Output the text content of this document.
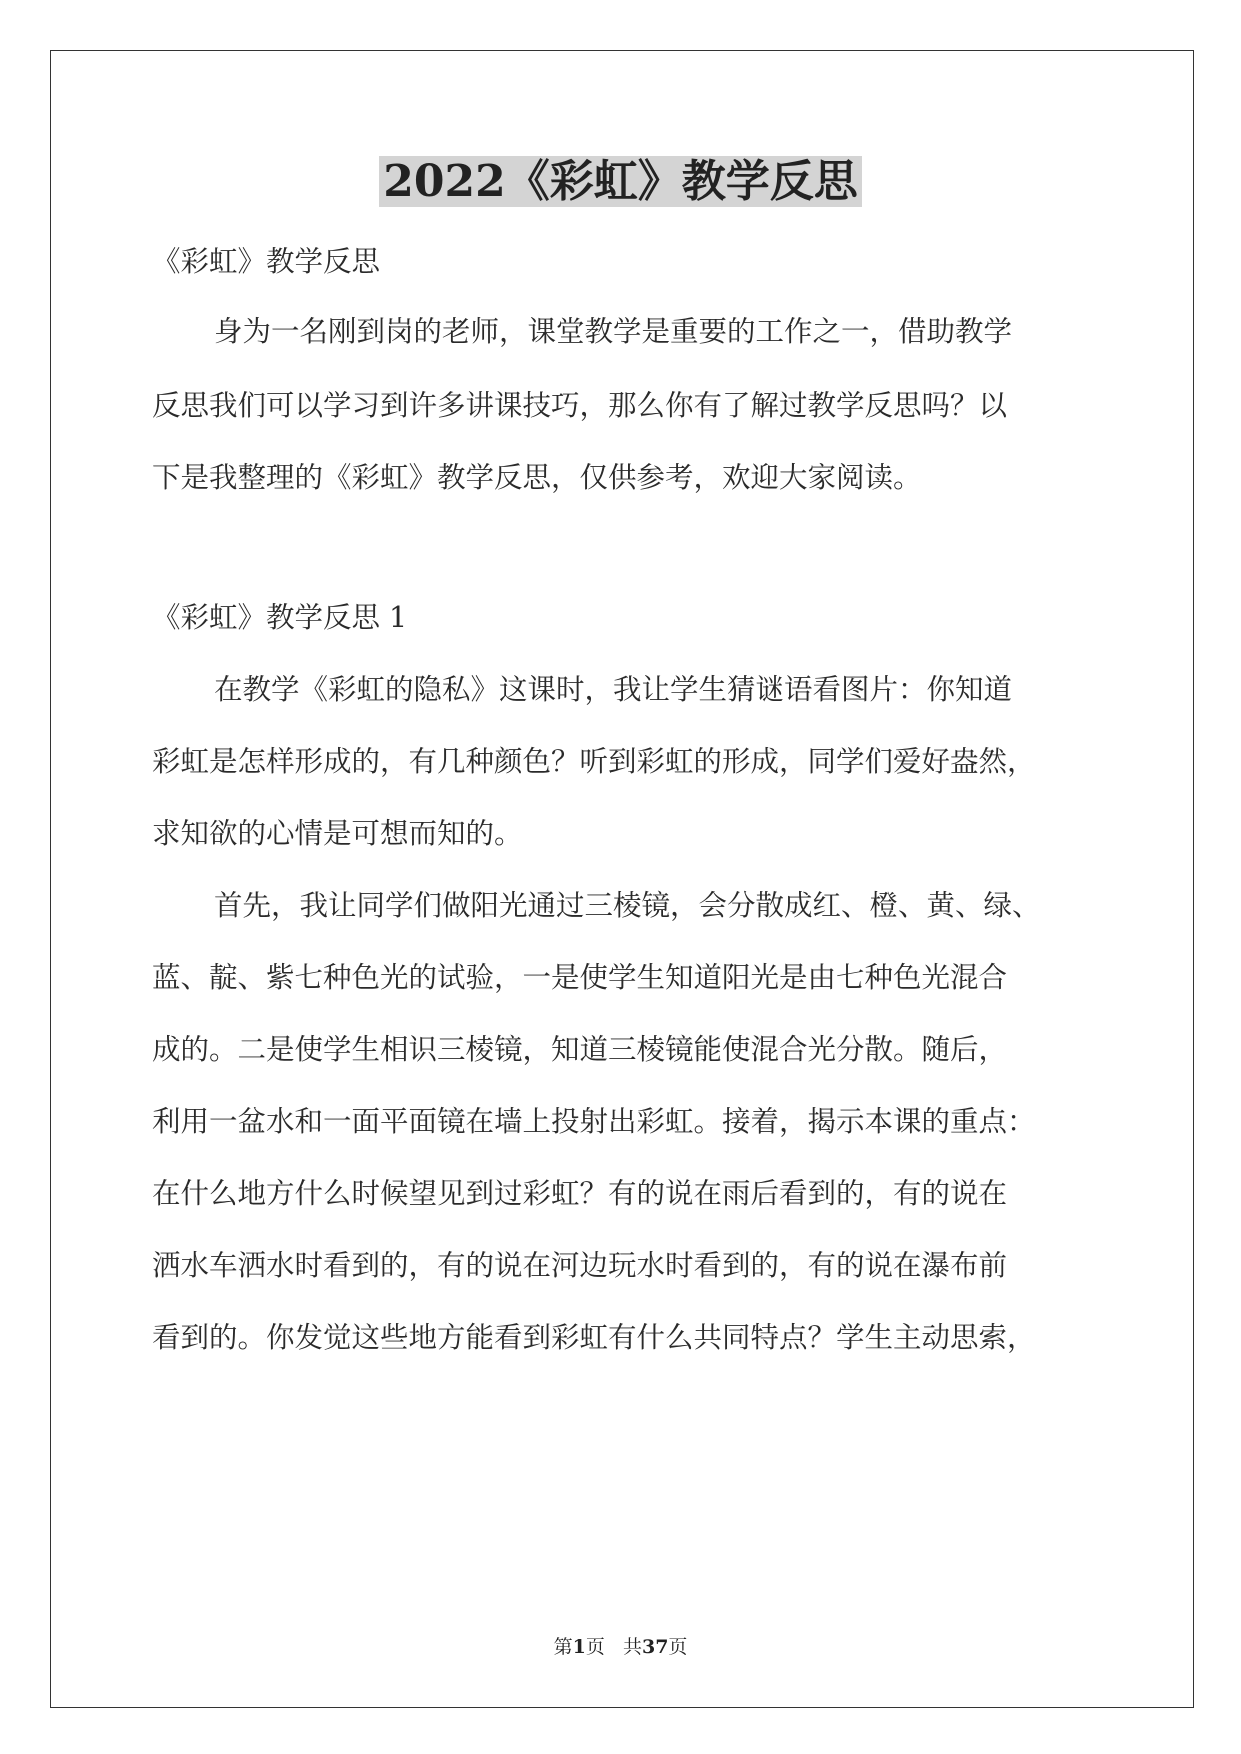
2022《彩虹》教学反思
《彩虹》教学反思
身为一名刚到岗的老师，课堂教学是重要的工作之一，借助教学
反思我们可以学习到许多讲课技巧，那么你有了解过教学反思吗？以
下是我整理的《彩虹》教学反思，仅供参考，欢迎大家阅读。
《彩虹》教学反思 1
在教学《彩虹的隐私》这课时，我让学生猜谜语看图片：你知道
彩虹是怎样形成的，有几种颜色？听到彩虹的形成，同学们爱好盎然，
求知欲的心情是可想而知的。
首先，我让同学们做阳光通过三棱镜，会分散成红、橙、黄、绿、
蓝、靛、紫七种色光的试验，一是使学生知道阳光是由七种色光混合
成的。二是使学生相识三棱镜，知道三棱镜能使混合光分散。随后，
利用一盆水和一面平面镜在墙上投射出彩虹。接着，揭示本课的重点：
在什么地方什么时候望见到过彩虹？有的说在雨后看到的，有的说在
洒水车洒水时看到的，有的说在河边玩水时看到的，有的说在瀑布前
看到的。你发觉这些地方能看到彩虹有什么共同特点？学生主动思索，
第1页 共37页
